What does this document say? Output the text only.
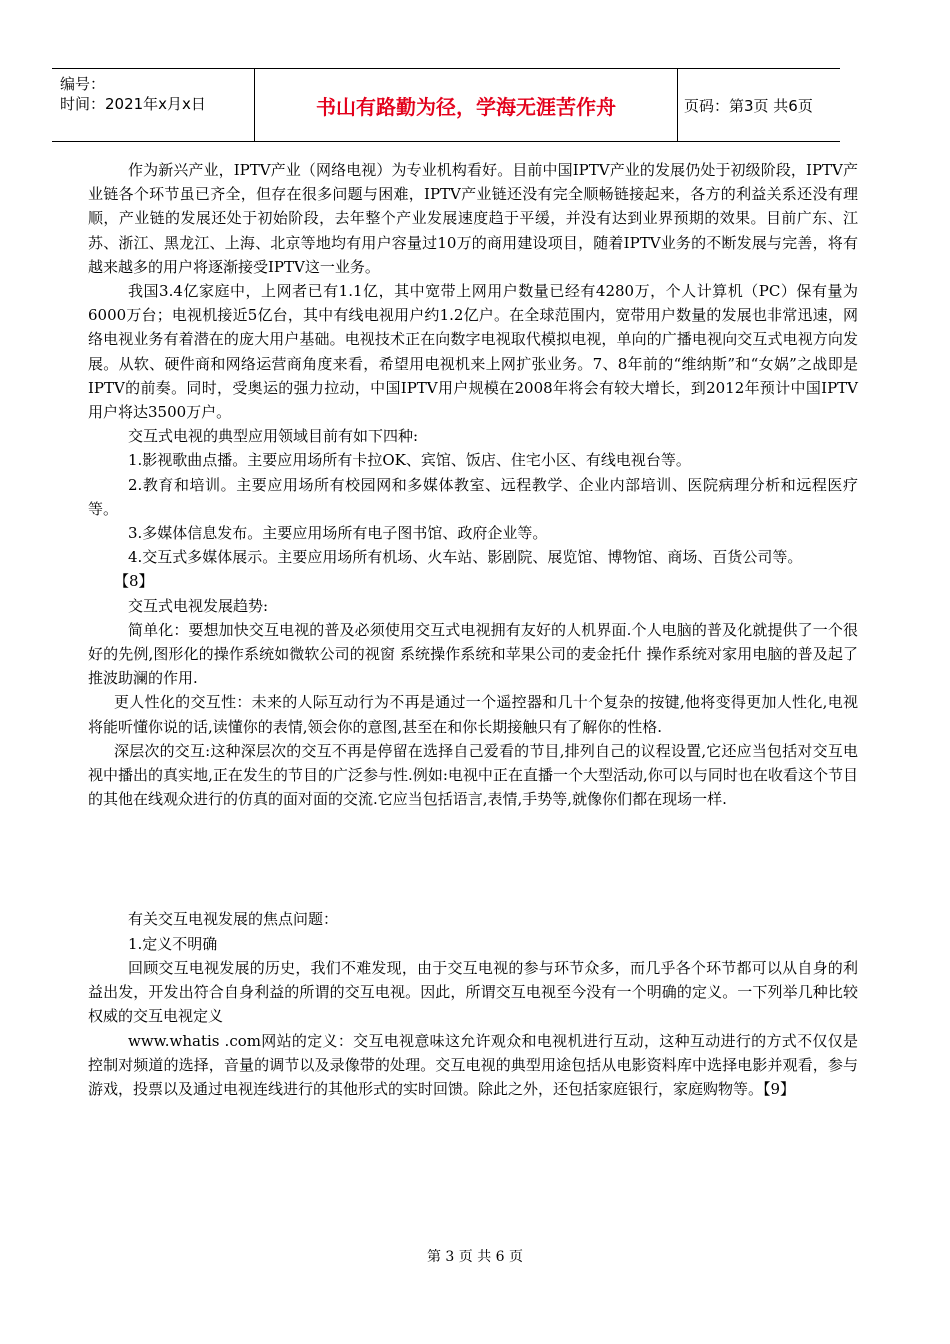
编号：
时间：2021年x月x日	书山有路勤为径，学海无涯苦作舟	页码：第3页 共6页

作为新兴产业，IPTV产业（网络电视）为专业机构看好。目前中国IPTV产业的发展仍处于初级阶段，IPTV产业链各个环节虽已齐全，但存在很多问题与困难，IPTV产业链还没有完全顺畅链接起来，各方的利益关系还没有理顺，产业链的发展还处于初始阶段，去年整个产业发展速度趋于平缓，并没有达到业界预期的效果。目前广东、江苏、浙江、黑龙江、上海、北京等地均有用户容量过10万的商用建设项目，随着IPTV业务的不断发展与完善，将有越来越多的用户将逐渐接受IPTV这一业务。

我国3.4亿家庭中，上网者已有1.1亿，其中宽带上网用户数量已经有4280万，个人计算机（PC）保有量为6000万台；电视机接近5亿台，其中有线电视用户约1.2亿户。在全球范围内，宽带用户数量的发展也非常迅速，网络电视业务有着潜在的庞大用户基础。电视技术正在向数字电视取代模拟电视，单向的广播电视向交互式电视方向发展。从软、硬件商和网络运营商角度来看，希望用电视机来上网扩张业务。7、8年前的“维纳斯”和“女娲”之战即是IPTV的前奏。同时，受奥运的强力拉动，中国IPTV用户规模在2008年将会有较大增长，到2012年预计中国IPTV用户将达3500万户。

交互式电视的典型应用领域目前有如下四种:

1.影视歌曲点播。主要应用场所有卡拉OK、宾馆、饭店、住宅小区、有线电视台等。

2.教育和培训。主要应用场所有校园网和多媒体教室、远程教学、企业内部培训、医院病理分析和远程医疗等。

3.多媒体信息发布。主要应用场所有电子图书馆、政府企业等。

4.交互式多媒体展示。主要应用场所有机场、火车站、影剧院、展览馆、博物馆、商场、百货公司等。

【8】

交互式电视发展趋势:

简单化：要想加快交互电视的普及必须使用交互式电视拥有友好的人机界面.个人电脑的普及化就提供了一个很好的先例,图形化的操作系统如微软公司的视窗 系统操作系统和苹果公司的麦金托什 操作系统对家用电脑的普及起了推波助澜的作用.

更人性化的交互性：未来的人际互动行为不再是通过一个遥控器和几十个复杂的按键,他将变得更加人性化,电视将能听懂你说的话,读懂你的表情,领会你的意图,甚至在和你长期接触只有了解你的性格.

深层次的交互:这种深层次的交互不再是停留在选择自己爱看的节目,排列自己的议程设置,它还应当包括对交互电视中播出的真实地,正在发生的节目的广泛参与性.例如:电视中正在直播一个大型活动,你可以与同时也在收看这个节目的其他在线观众进行的仿真的面对面的交流.它应当包括语言,表情,手势等,就像你们都在现场一样.

有关交互电视发展的焦点问题：

1.定义不明确

回顾交互电视发展的历史，我们不难发现，由于交互电视的参与环节众多，而几乎各个环节都可以从自身的利益出发，开发出符合自身利益的所谓的交互电视。因此，所谓交互电视至今没有一个明确的定义。一下列举几种比较权威的交互电视定义

www.whatis .com网站的定义：交互电视意味这允许观众和电视机进行互动，这种互动进行的方式不仅仅是控制对频道的选择，音量的调节以及录像带的处理。交互电视的典型用途包括从电影资料库中选择电影并观看，参与游戏，投票以及通过电视连线进行的其他形式的实时回馈。除此之外，还包括家庭银行，家庭购物等。【9】

第 3 页 共 6 页
